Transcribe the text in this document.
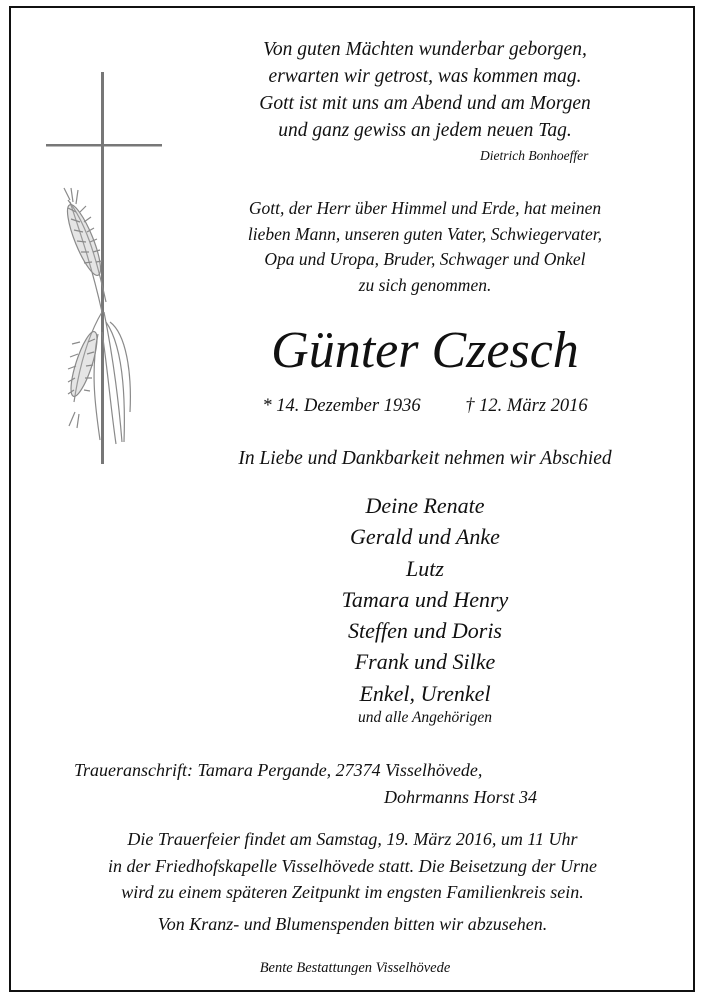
Von guten Mächten wunderbar geborgen,
erwarten wir getrost, was kommen mag.
Gott ist mit uns am Abend und am Morgen
und ganz gewiss an jedem neuen Tag.
Dietrich Bonhoeffer
Gott, der Herr über Himmel und Erde, hat meinen
lieben Mann, unseren guten Vater, Schwiegervater,
Opa und Uropa, Bruder, Schwager und Onkel
zu sich genommen.
Günter Czesch
* 14. Dezember 1936 † 12. März 2016
In Liebe und Dankbarkeit nehmen wir Abschied
Deine Renate
Gerald und Anke
Lutz
Tamara und Henry
Steffen und Doris
Frank und Silke
Enkel, Urenkel
und alle Angehörigen
Traueranschrift: Tamara Pergande, 27374 Visselhövede,
Dohrmanns Horst 34
Die Trauerfeier findet am Samstag, 19. März 2016, um 11 Uhr
in der Friedhofskapelle Visselhövede statt. Die Beisetzung der Urne
wird zu einem späteren Zeitpunkt im engsten Familienkreis sein.
Von Kranz- und Blumenspenden bitten wir abzusehen.
Bente Bestattungen Visselhövede
